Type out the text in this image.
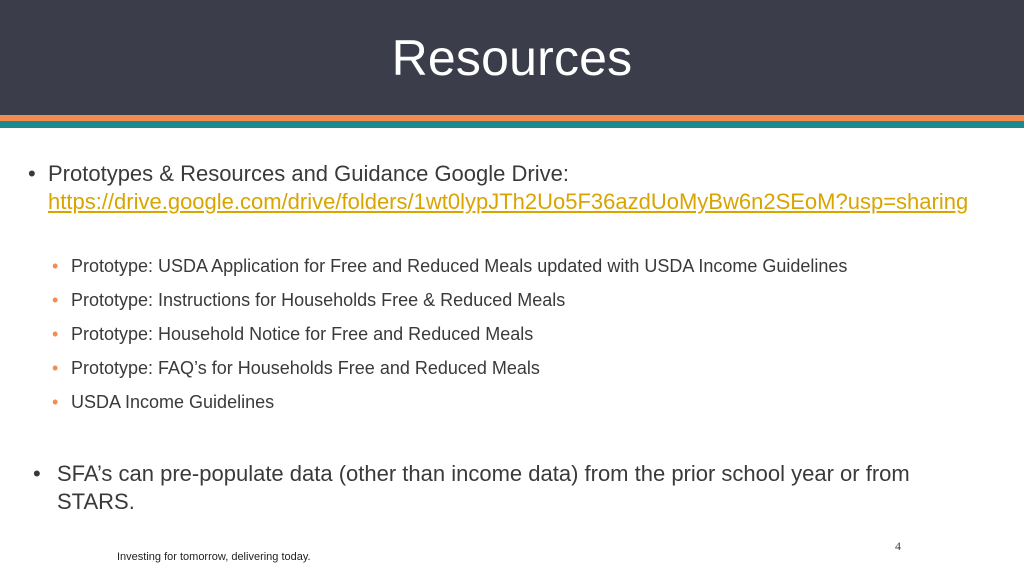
Resources
• Prototypes & Resources and Guidance Google Drive:
https://drive.google.com/drive/folders/1wt0lypJTh2Uo5F36azdUoMyBw6n2SEoM?usp=sharing
• Prototype: USDA Application for Free and Reduced Meals updated with USDA Income Guidelines
• Prototype: Instructions for Households Free & Reduced Meals
• Prototype: Household Notice for Free and Reduced Meals
• Prototype: FAQ’s for Households Free and Reduced Meals
• USDA Income Guidelines
• SFA’s can pre-populate data (other than income data) from the prior school year or from STARS.
4
Investing for tomorrow, delivering today.
